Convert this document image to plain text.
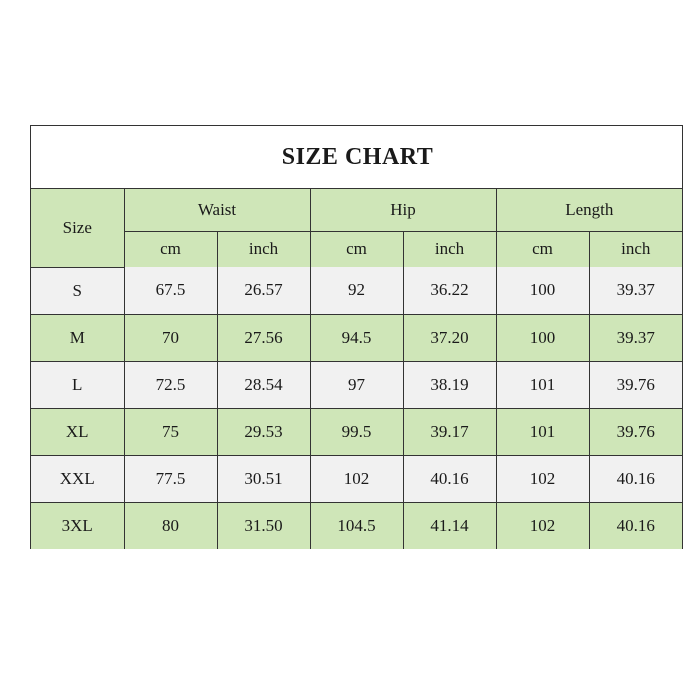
SIZE CHART
Size	Waist		Hip		Length	
	cm	inch	cm	inch	cm	inch
S	67.5	26.57	92	36.22	100	39.37
M	70	27.56	94.5	37.20	100	39.37
L	72.5	28.54	97	38.19	101	39.76
XL	75	29.53	99.5	39.17	101	39.76
XXL	77.5	30.51	102	40.16	102	40.16
3XL	80	31.50	104.5	41.14	102	40.16
